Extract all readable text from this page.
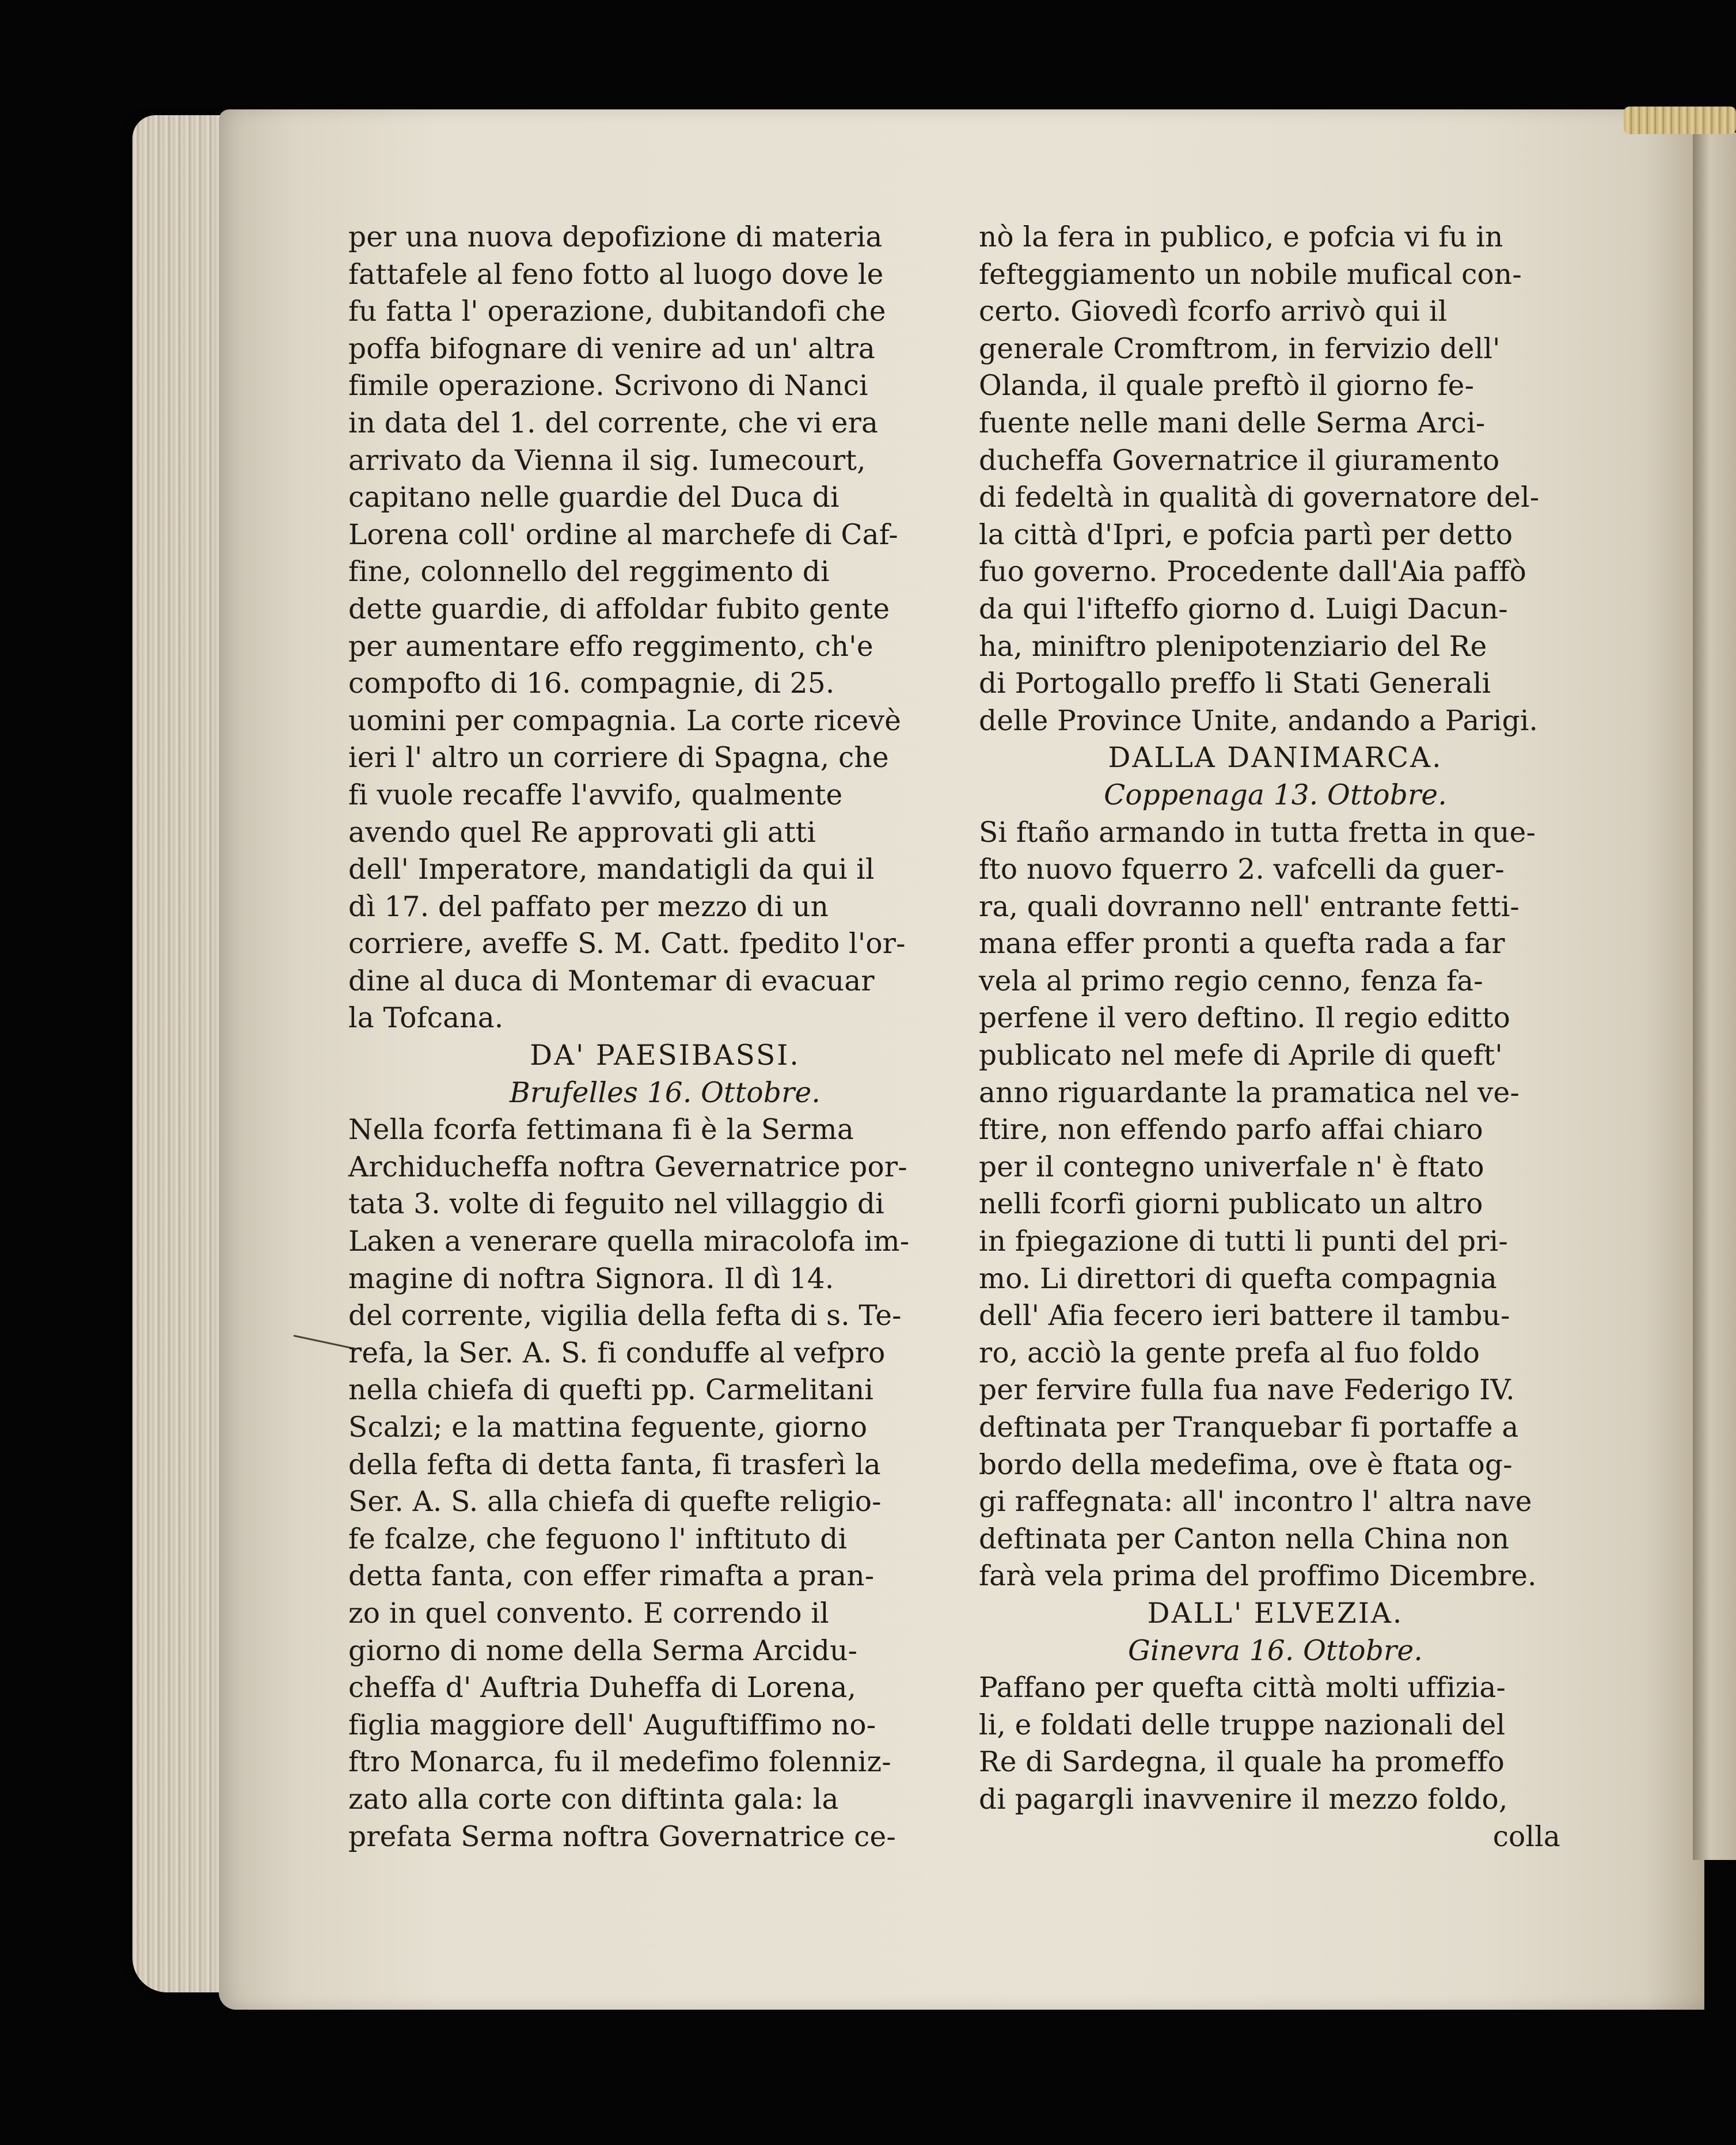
per una nuova depofizione di materia
fattafele al feno fotto al luogo dove le
fu fatta l' operazione, dubitandofi che
poffa bifognare di venire ad un' altra
fimile operazione. Scrivono di Nanci
in data del 1. del corrente, che vi era
arrivato da Vienna il sig. Iumecourt,
capitano nelle guardie del Duca di
Lorena coll' ordine al marchefe di Caf-
fine, colonnello del reggimento di
dette guardie, di affoldar fubito gente
per aumentare effo reggimento, ch'e
compofto di 16. compagnie, di 25.
uomini per compagnia. La corte ricevè
ieri l' altro un corriere di Spagna, che
fi vuole recaffe l'avvifo, qualmente
avendo quel Re approvati gli atti
dell' Imperatore, mandatigli da qui il
dì 17. del paffato per mezzo di un
corriere, aveffe S. M. Catt. fpedito l'or-
dine al duca di Montemar di evacuar
la Tofcana.
DA' PAESIBASSI.
Brufelles 16. Ottobre.
Nella fcorfa fettimana fi è la Serma
Archiducheffa noftra Gevernatrice por-
tata 3. volte di feguito nel villaggio di
Laken a venerare quella miracolofa im-
magine di noftra Signora. Il dì 14.
del corrente, vigilia della fefta di s. Te-
refa, la Ser. A. S. fi conduffe al vefpro
nella chiefa di quefti pp. Carmelitani
Scalzi; e la mattina feguente, giorno
della fefta di detta fanta, fi trasferì la
Ser. A. S. alla chiefa di quefte religio-
fe fcalze, che feguono l' inftituto di
detta fanta, con effer rimafta a pran-
zo in quel convento. E correndo il
giorno di nome della Serma Arcidu-
cheffa d' Auftria Duheffa di Lorena,
figlia maggiore dell' Auguftiffimo no-
ftro Monarca, fu il medefimo folenniz-
zato alla corte con diftinta gala: la
prefata Serma noftra Governatrice ce-
nò la fera in publico, e pofcia vi fu in
fefteggiamento un nobile mufical con-
certo. Giovedì fcorfo arrivò qui il
generale Cromftrom, in fervizio dell'
Olanda, il quale preftò il giorno fe-
fuente nelle mani delle Serma Arci-
ducheffa Governatrice il giuramento
di fedeltà in qualità di governatore del-
la città d'Ipri, e pofcia partì per detto
fuo governo. Procedente dall'Aia paffò
da qui l'ifteffo giorno d. Luigi Dacun-
ha, miniftro plenipotenziario del Re
di Portogallo preffo li Stati Generali
delle Province Unite, andando a Parigi.
DALLA DANIMARCA.
Coppenaga 13. Ottobre.
Si ftaño armando in tutta fretta in que-
fto nuovo fquerro 2. vafcelli da guer-
ra, quali dovranno nell' entrante fetti-
mana effer pronti a quefta rada a far
vela al primo regio cenno, fenza fa-
perfene il vero deftino. Il regio editto
publicato nel mefe di Aprile di queft'
anno riguardante la pramatica nel ve-
ftire, non effendo parfo affai chiaro
per il contegno univerfale n' è ftato
nelli fcorfi giorni publicato un altro
in fpiegazione di tutti li punti del pri-
mo. Li direttori di quefta compagnia
dell' Afia fecero ieri battere il tambu-
ro, acciò la gente prefa al fuo foldo
per fervire fulla fua nave Federigo IV.
deftinata per Tranquebar fi portaffe a
bordo della medefima, ove è ftata og-
gi raffegnata: all' incontro l' altra nave
deftinata per Canton nella China non
farà vela prima del proffimo Dicembre.
DALL' ELVEZIA.
Ginevra 16. Ottobre.
Paffano per quefta città molti uffizia-
li, e foldati delle truppe nazionali del
Re di Sardegna, il quale ha promeffo
di pagargli inavvenire il mezzo foldo,
colla
